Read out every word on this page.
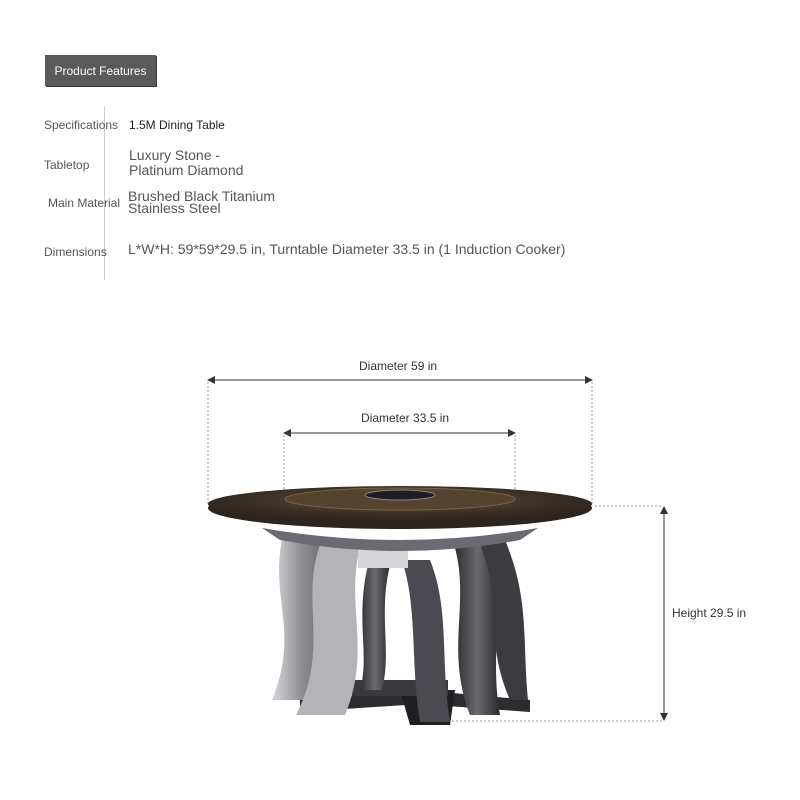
Product Features
Specifications 1.5M Dining Table
Tabletop
Luxury Stone -
Platinum Diamond
Main Material Brushed Black Titanium
Stainless Steel
Dimensions L*W*H: 59*59*29.5 in, Turntable Diameter 33.5 in (1 Induction Cooker)
Diameter 59 in
Diameter 33.5 in
Height 29.5 in
